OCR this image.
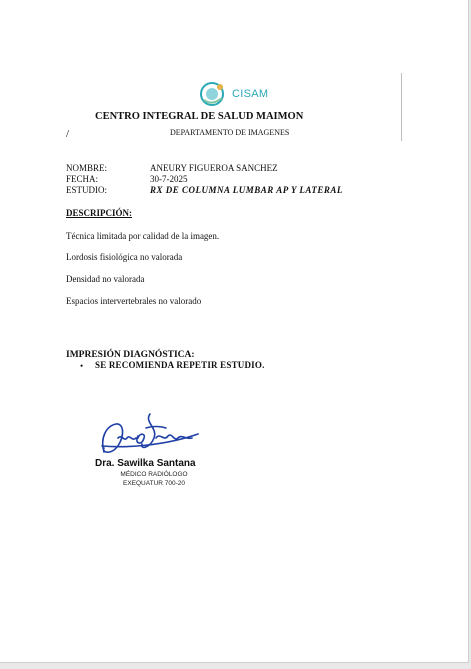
CISAM
CENTRO INTEGRAL DE SALUD MAIMON
/	DEPARTAMENTO DE IMAGENES
NOMBRE:	ANEURY FIGUEROA SANCHEZ
FECHA:	30-7-2025
ESTUDIO:	RX DE COLUMNA LUMBAR AP Y LATERAL
DESCRIPCIÓN:
Técnica limitada por calidad de la imagen.
Lordosis fisiológica no valorada
Densidad no valorada
Espacios intervertebrales no valorado
IMPRESIÓN DIAGNÓSTICA:
• SE RECOMIENDA REPETIR ESTUDIO.
Dra. Sawilka Santana
MÉDICO RADIÓLOGO
EXEQUATUR 700-20
